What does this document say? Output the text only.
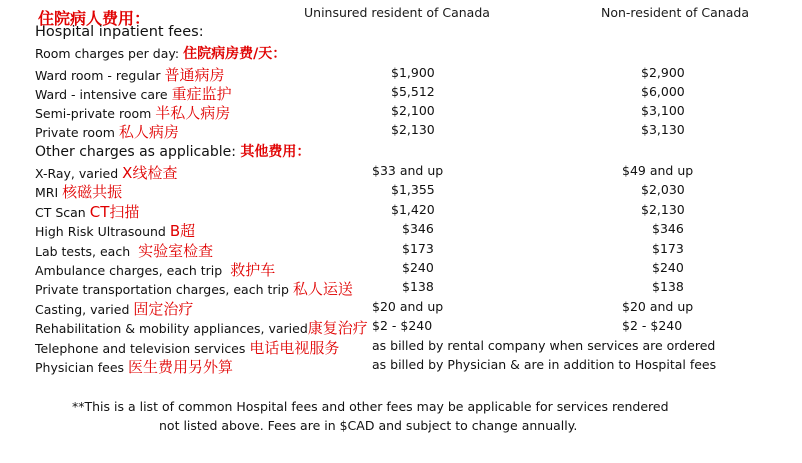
住院病人费用：	Uninsured resident of Canada	Non-resident of Canada
Hospital inpatient fees:
Room charges per day: 住院病房费/天：
Ward room - regular 普通病房	$1,900	$2,900
Ward - intensive care 重症监护	$5,512	$6,000
Semi-private room 半私人病房	$2,100	$3,100
Private room 私人病房	$2,130	$3,130
Other charges as applicable: 其他费用：
X-Ray, varied X线检查	$33 and up	$49 and up
MRI 核磁共振	$1,355	$2,030
CT Scan CT扫描	$1,420	$2,130
High Risk Ultrasound B超	$346	$346
Lab tests, each 实验室检查	$173	$173
Ambulance charges, each trip 救护车	$240	$240
Private transportation charges, each trip 私人运送	$138	$138
Casting, varied 固定治疗	$20 and up	$20 and up
Rehabilitation & mobility appliances, varied康复治疗 $2 - $240	$2 - $240
Telephone and television services 电话电视服务	as billed by rental company when services are ordered
Physician fees 医生费用另外算	as billed by Physician & are in addition to Hospital fees
**This is a list of common Hospital fees and other fees may be applicable for services rendered
not listed above. Fees are in $CAD and subject to change annually.
